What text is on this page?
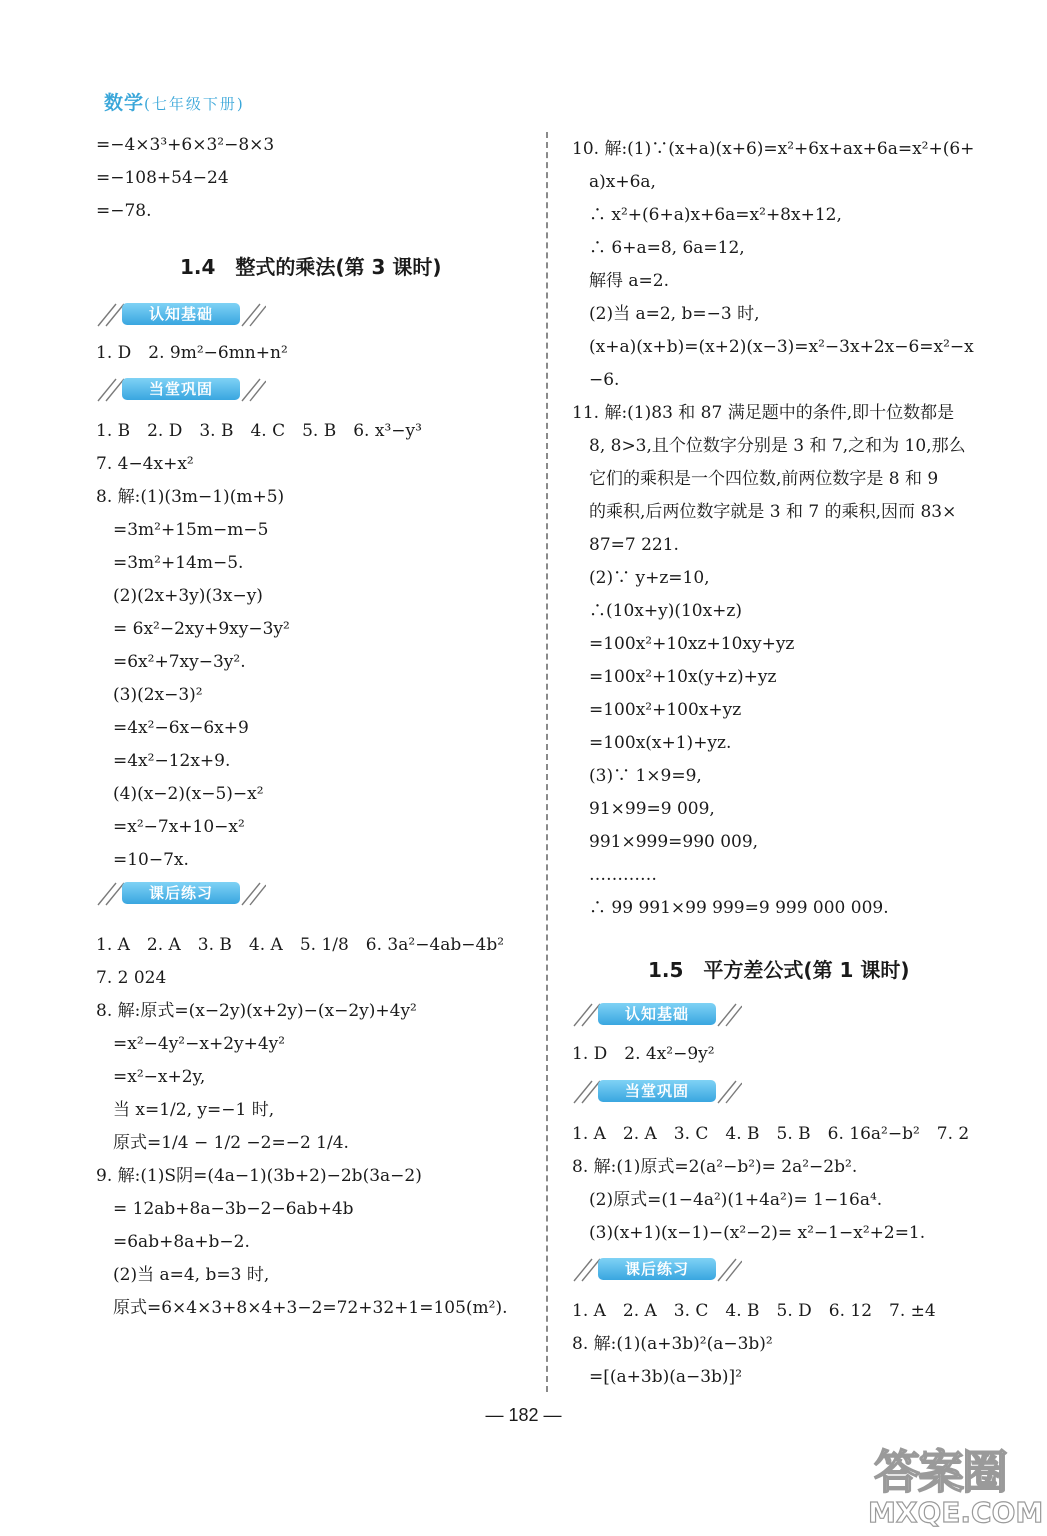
数学(七年级下册)
=−4×3³+6×3²−8×3
=−108+54−24
=−78.
1.4　整式的乘法(第 3 课时)
认知基础
1. D　2. 9m²−6mn+n²
当堂巩固
1. B　2. D　3. B　4. C　5. B　6. x³−y³
7. 4−4x+x²
8. 解:(1)(3m−1)(m+5)
　=3m²+15m−m−5
　=3m²+14m−5.
　(2)(2x+3y)(3x−y)
　= 6x²−2xy+9xy−3y²
　=6x²+7xy−3y².
　(3)(2x−3)²
　=4x²−6x−6x+9
　=4x²−12x+9.
　(4)(x−2)(x−5)−x²
　=x²−7x+10−x²
　=10−7x.
课后练习
1. A　2. A　3. B　4. A　5. 1/8　6. 3a²−4ab−4b²
7. 2 024
8. 解:原式=(x−2y)(x+2y)−(x−2y)+4y²
　=x²−4y²−x+2y+4y²
　=x²−x+2y,
　当 x=1/2, y=−1 时,
　原式=1/4 − 1/2 −2=−2 1/4.
9. 解:(1)S阴=(4a−1)(3b+2)−2b(3a−2)
　= 12ab+8a−3b−2−6ab+4b
　=6ab+8a+b−2.
　(2)当 a=4, b=3 时,
　原式=6×4×3+8×4+3−2=72+32+1=105(m²).
10. 解:(1)∵(x+a)(x+6)=x²+6x+ax+6a=x²+(6+
　a)x+6a,
　∴ x²+(6+a)x+6a=x²+8x+12,
　∴ 6+a=8, 6a=12,
　解得 a=2.
　(2)当 a=2, b=−3 时,
　(x+a)(x+b)=(x+2)(x−3)=x²−3x+2x−6=x²−x
　−6.
11. 解:(1)83 和 87 满足题中的条件,即十位数都是
　8, 8>3,且个位数字分别是 3 和 7,之和为 10,那么
　它们的乘积是一个四位数,前两位数字是 8 和 9
　的乘积,后两位数字就是 3 和 7 的乘积,因而 83×
　87=7 221.
　(2)∵ y+z=10,
　∴(10x+y)(10x+z)
　=100x²+10xz+10xy+yz
　=100x²+10x(y+z)+yz
　=100x²+100x+yz
　=100x(x+1)+yz.
　(3)∵ 1×9=9,
　91×99=9 009,
　991×999=990 009,
　…………
　∴ 99 991×99 999=9 999 000 009.
1.5　平方差公式(第 1 课时)
认知基础
1. D　2. 4x²−9y²
当堂巩固
1. A　2. A　3. C　4. B　5. B　6. 16a²−b²　7. 2
8. 解:(1)原式=2(a²−b²)= 2a²−2b².
　(2)原式=(1−4a²)(1+4a²)= 1−16a⁴.
　(3)(x+1)(x−1)−(x²−2)= x²−1−x²+2=1.
课后练习
1. A　2. A　3. C　4. B　5. D　6. 12　7. ±4
8. 解:(1)(a+3b)²(a−3b)²
　=[(a+3b)(a−3b)]²
— 182 —
答案圈
MXQE.COM
